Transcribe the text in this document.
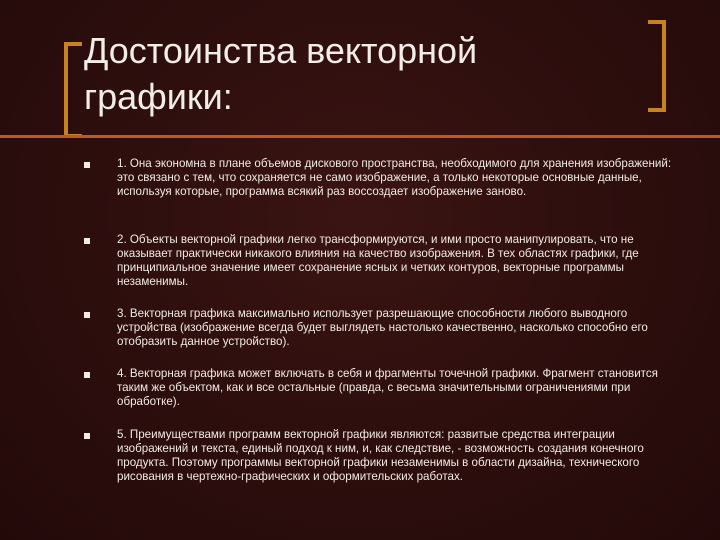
Достоинства векторной графики:

1. Она экономна в плане объемов дискового пространства, необходимого для хранения изображений: это связано с тем, что сохраняется не само изображение, а только некоторые основные данные, используя которые, программа всякий раз воссоздает изображение заново.

2. Объекты векторной графики легко трансформируются, и ими просто манипулировать, что не оказывает практически никакого влияния на качество изображения. В тех областях графики, где принципиальное значение имеет сохранение ясных и четких контуров, векторные программы незаменимы.

3. Векторная графика максимально использует разрешающие способности любого выводного устройства (изображение всегда будет выглядеть настолько качественно, насколько способно его отобразить данное устройство).

4. Векторная графика может включать в себя и фрагменты точечной графики. Фрагмент становится таким же объектом, как и все остальные (правда, с весьма значительными ограничениями при обработке).

5. Преимуществами программ векторной графики являются: развитые средства интеграции изображений и текста, единый подход к ним, и, как следствие, - возможность создания конечного продукта. Поэтому программы векторной графики незаменимы в области дизайна, технического рисования в чертежно-графических и оформительских работах.
